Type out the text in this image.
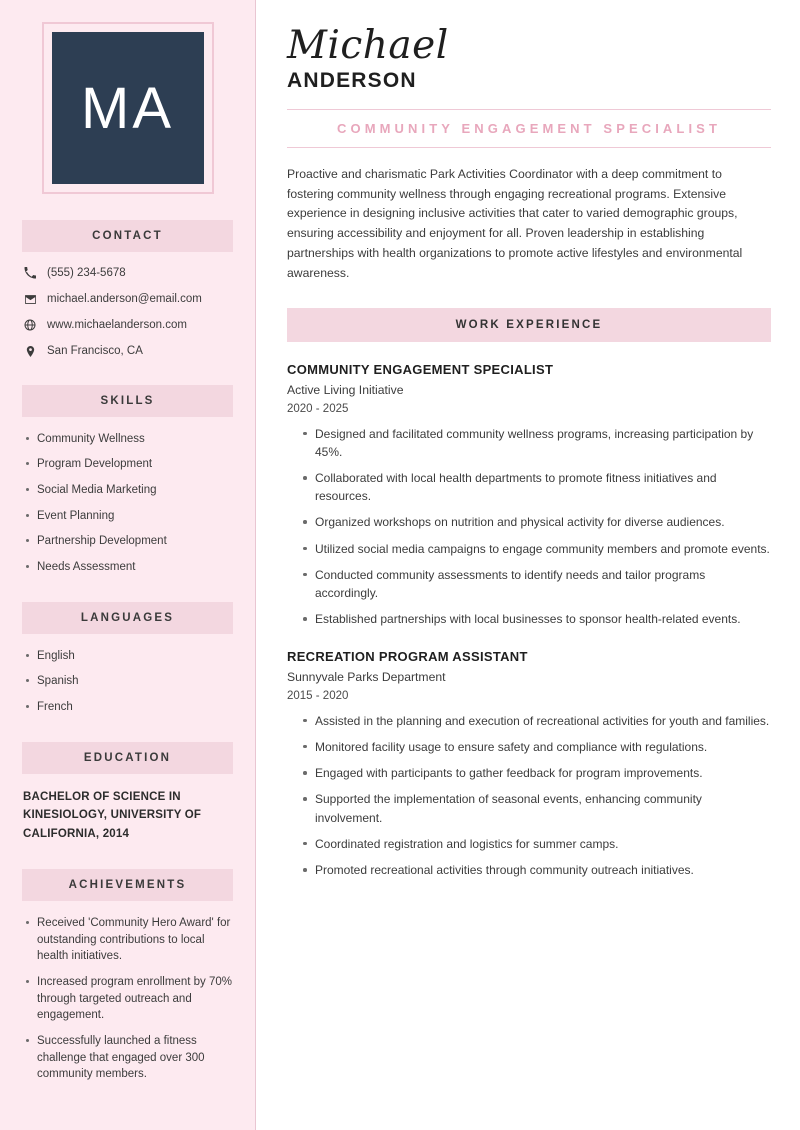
MA
CONTACT
(555) 234-5678
michael.anderson@email.com
www.michaelanderson.com
San Francisco, CA
SKILLS
Community Wellness
Program Development
Social Media Marketing
Event Planning
Partnership Development
Needs Assessment
LANGUAGES
English
Spanish
French
EDUCATION
BACHELOR OF SCIENCE IN KINESIOLOGY, UNIVERSITY OF CALIFORNIA, 2014
ACHIEVEMENTS
Received 'Community Hero Award' for outstanding contributions to local health initiatives.
Increased program enrollment by 70% through targeted outreach and engagement.
Successfully launched a fitness challenge that engaged over 300 community members.
Michael
ANDERSON
COMMUNITY ENGAGEMENT SPECIALIST

Proactive and charismatic Park Activities Coordinator with a deep commitment to fostering community wellness through engaging recreational programs. Extensive experience in designing inclusive activities that cater to varied demographic groups, ensuring accessibility and enjoyment for all. Proven leadership in establishing partnerships with health organizations to promote active lifestyles and environmental awareness.

WORK EXPERIENCE
COMMUNITY ENGAGEMENT SPECIALIST
Active Living Initiative
2020 - 2025
Designed and facilitated community wellness programs, increasing participation by 45%.
Collaborated with local health departments to promote fitness initiatives and resources.
Organized workshops on nutrition and physical activity for diverse audiences.
Utilized social media campaigns to engage community members and promote events.
Conducted community assessments to identify needs and tailor programs accordingly.
Established partnerships with local businesses to sponsor health-related events.
RECREATION PROGRAM ASSISTANT
Sunnyvale Parks Department
2015 - 2020
Assisted in the planning and execution of recreational activities for youth and families.
Monitored facility usage to ensure safety and compliance with regulations.
Engaged with participants to gather feedback for program improvements.
Supported the implementation of seasonal events, enhancing community involvement.
Coordinated registration and logistics for summer camps.
Promoted recreational activities through community outreach initiatives.
